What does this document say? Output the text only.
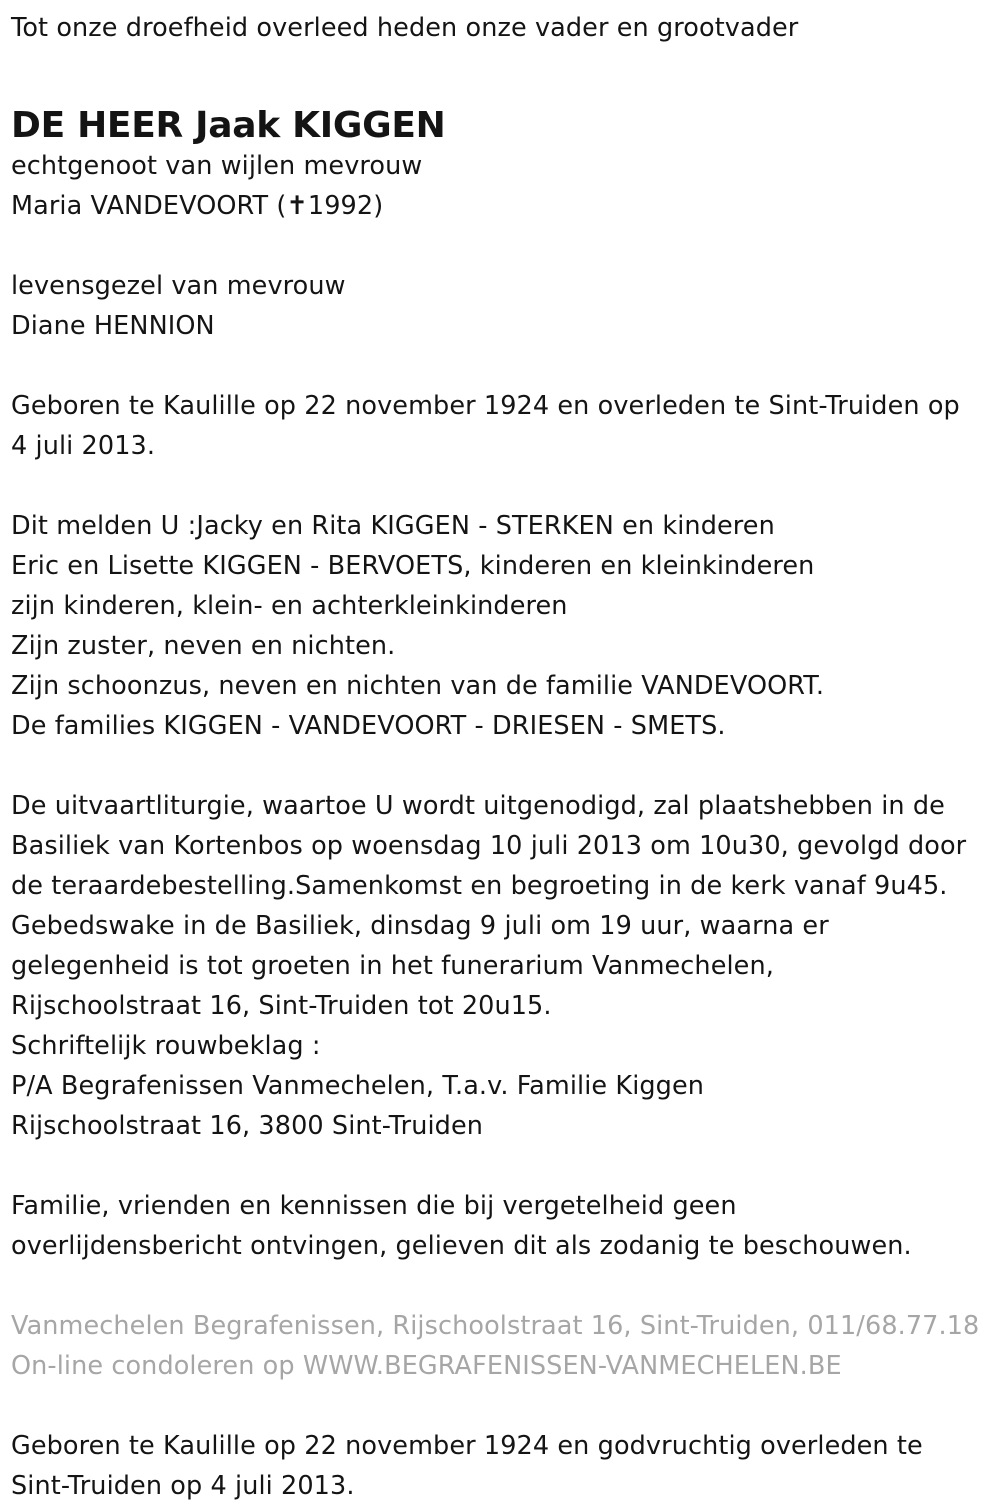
Tot onze droefheid overleed heden onze vader en grootvader
DE HEER Jaak KIGGEN
echtgenoot van wijlen mevrouw
Maria VANDEVOORT (✝1992)
levensgezel van mevrouw
Diane HENNION
Geboren te Kaulille op 22 november 1924 en overleden te Sint-Truiden op
4 juli 2013.
Dit melden U :Jacky en Rita KIGGEN - STERKEN en kinderen
Eric en Lisette KIGGEN - BERVOETS, kinderen en kleinkinderen
zijn kinderen, klein- en achterkleinkinderen
Zijn zuster, neven en nichten.
Zijn schoonzus, neven en nichten van de familie VANDEVOORT.
De families KIGGEN - VANDEVOORT - DRIESEN - SMETS.
De uitvaartliturgie, waartoe U wordt uitgenodigd, zal plaatshebben in de
Basiliek van Kortenbos op woensdag 10 juli 2013 om 10u30, gevolgd door
de teraardebestelling.Samenkomst en begroeting in de kerk vanaf 9u45.
Gebedswake in de Basiliek, dinsdag 9 juli om 19 uur, waarna er
gelegenheid is tot groeten in het funerarium Vanmechelen,
Rijschoolstraat 16, Sint-Truiden tot 20u15.
Schriftelijk rouwbeklag :
P/A Begrafenissen Vanmechelen, T.a.v. Familie Kiggen
Rijschoolstraat 16, 3800 Sint-Truiden
Familie, vrienden en kennissen die bij vergetelheid geen
overlijdensbericht ontvingen, gelieven dit als zodanig te beschouwen.
Vanmechelen Begrafenissen, Rijschoolstraat 16, Sint-Truiden, 011/68.77.18
On-line condoleren op WWW.BEGRAFENISSEN-VANMECHELEN.BE
Geboren te Kaulille op 22 november 1924 en godvruchtig overleden te
Sint-Truiden op 4 juli 2013.
